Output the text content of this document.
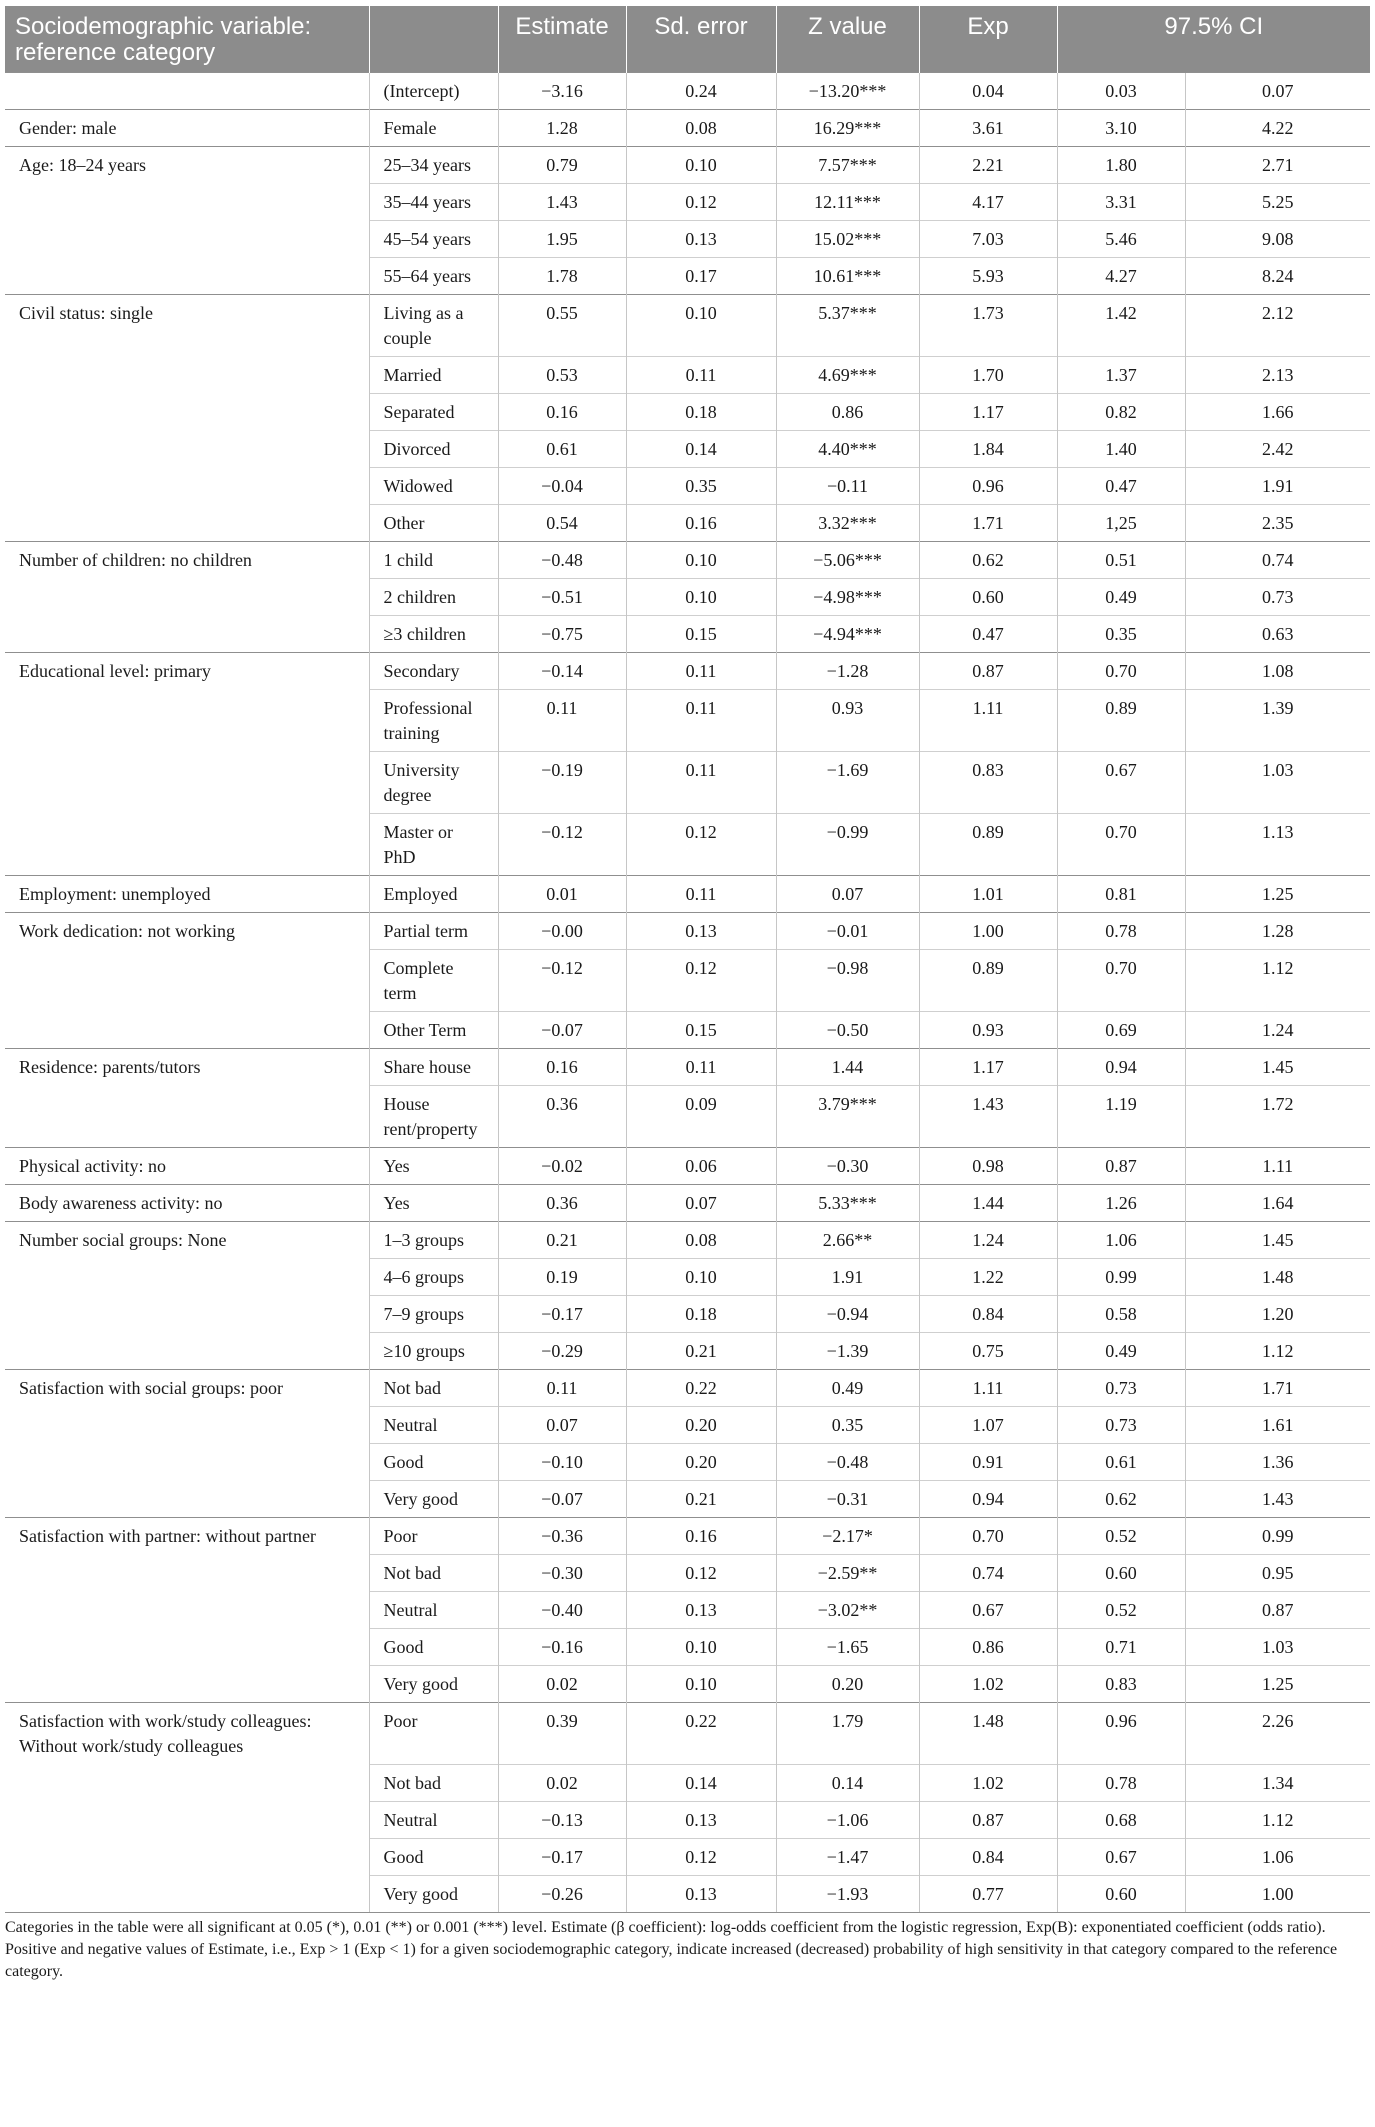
Sociodemographic variable: reference category		Estimate	Sd. error	Z value	Exp	97.5% CI	
	(Intercept)	−3.16	0.24	−13.20***	0.04	0.03	0.07
Gender: male	Female	1.28	0.08	16.29***	3.61	3.10	4.22
Age: 18–24 years	25–34 years	0.79	0.10	7.57***	2.21	1.80	2.71
	35–44 years	1.43	0.12	12.11***	4.17	3.31	5.25
	45–54 years	1.95	0.13	15.02***	7.03	5.46	9.08
	55–64 years	1.78	0.17	10.61***	5.93	4.27	8.24
Civil status: single	Living as a couple	0.55	0.10	5.37***	1.73	1.42	2.12
	Married	0.53	0.11	4.69***	1.70	1.37	2.13
	Separated	0.16	0.18	0.86	1.17	0.82	1.66
	Divorced	0.61	0.14	4.40***	1.84	1.40	2.42
	Widowed	−0.04	0.35	−0.11	0.96	0.47	1.91
	Other	0.54	0.16	3.32***	1.71	1,25	2.35
Number of children: no children	1 child	−0.48	0.10	−5.06***	0.62	0.51	0.74
	2 children	−0.51	0.10	−4.98***	0.60	0.49	0.73
	≥3 children	−0.75	0.15	−4.94***	0.47	0.35	0.63
Educational level: primary	Secondary	−0.14	0.11	−1.28	0.87	0.70	1.08
	Professional training	0.11	0.11	0.93	1.11	0.89	1.39
	University degree	−0.19	0.11	−1.69	0.83	0.67	1.03
	Master or PhD	−0.12	0.12	−0.99	0.89	0.70	1.13
Employment: unemployed	Employed	0.01	0.11	0.07	1.01	0.81	1.25
Work dedication: not working	Partial term	−0.00	0.13	−0.01	1.00	0.78	1.28
	Complete term	−0.12	0.12	−0.98	0.89	0.70	1.12
	Other Term	−0.07	0.15	−0.50	0.93	0.69	1.24
Residence: parents/tutors	Share house	0.16	0.11	1.44	1.17	0.94	1.45
	House rent/property	0.36	0.09	3.79***	1.43	1.19	1.72
Physical activity: no	Yes	−0.02	0.06	−0.30	0.98	0.87	1.11
Body awareness activity: no	Yes	0.36	0.07	5.33***	1.44	1.26	1.64
Number social groups: None	1–3 groups	0.21	0.08	2.66**	1.24	1.06	1.45
	4–6 groups	0.19	0.10	1.91	1.22	0.99	1.48
	7–9 groups	−0.17	0.18	−0.94	0.84	0.58	1.20
	≥10 groups	−0.29	0.21	−1.39	0.75	0.49	1.12
Satisfaction with social groups: poor	Not bad	0.11	0.22	0.49	1.11	0.73	1.71
	Neutral	0.07	0.20	0.35	1.07	0.73	1.61
	Good	−0.10	0.20	−0.48	0.91	0.61	1.36
	Very good	−0.07	0.21	−0.31	0.94	0.62	1.43
Satisfaction with partner: without partner	Poor	−0.36	0.16	−2.17*	0.70	0.52	0.99
	Not bad	−0.30	0.12	−2.59**	0.74	0.60	0.95
	Neutral	−0.40	0.13	−3.02**	0.67	0.52	0.87
	Good	−0.16	0.10	−1.65	0.86	0.71	1.03
	Very good	0.02	0.10	0.20	1.02	0.83	1.25
Satisfaction with work/study colleagues: Without work/study colleagues	Poor	0.39	0.22	1.79	1.48	0.96	2.26
	Not bad	0.02	0.14	0.14	1.02	0.78	1.34
	Neutral	−0.13	0.13	−1.06	0.87	0.68	1.12
	Good	−0.17	0.12	−1.47	0.84	0.67	1.06
	Very good	−0.26	0.13	−1.93	0.77	0.60	1.00

Categories in the table were all significant at 0.05 (*), 0.01 (**) or 0.001 (***) level. Estimate (β coefficient): log-odds coefficient from the logistic regression, Exp(B): exponentiated coefficient (odds ratio). Positive and negative values of Estimate, i.e., Exp > 1 (Exp < 1) for a given sociodemographic category, indicate increased (decreased) probability of high sensitivity in that category compared to the reference category.
